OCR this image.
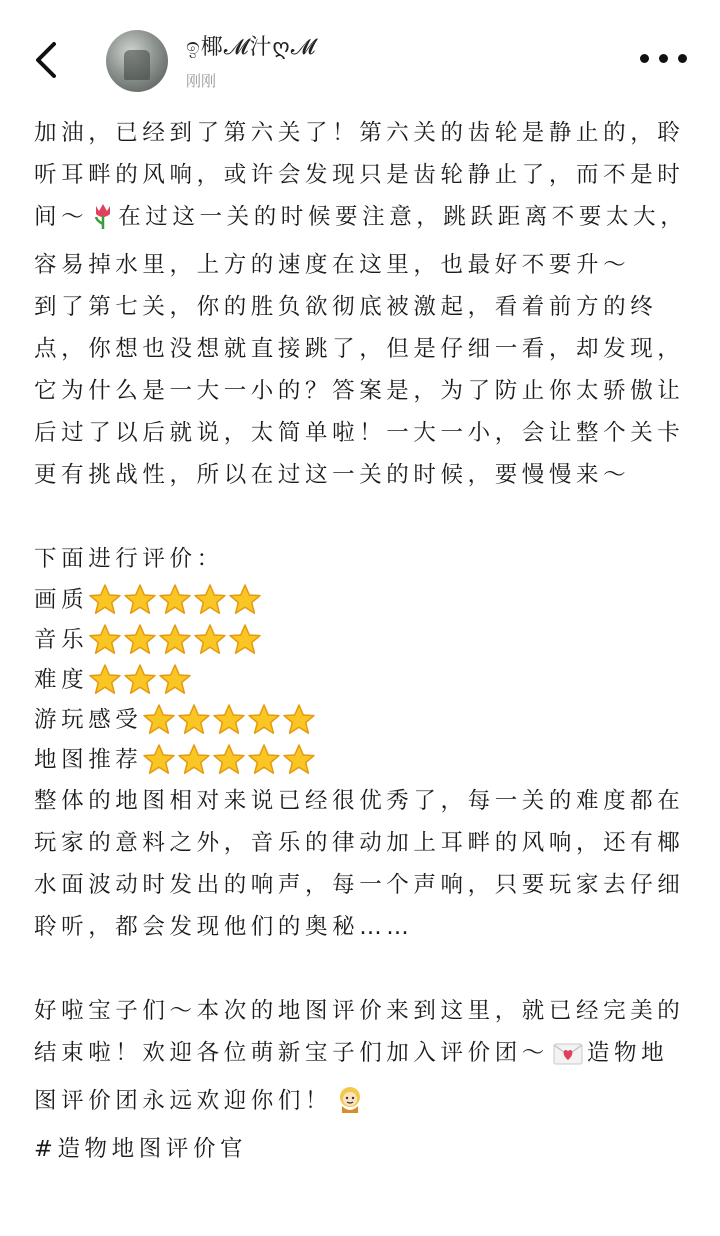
ඉ椰𝓜汁ღ𝓜
刚刚

加油，已经到了第六关了！第六关的齿轮是静止的，聆听耳畔的风响，或许会发现只是齿轮静止了，而不是时间～ 在过这一关的时候要注意，跳跃距离不要太大，容易掉水里，上方的速度在这里，也最好不要升～

到了第七关，你的胜负欲彻底被激起，看着前方的终点，你想也没想就直接跳了，但是仔细一看，却发现，它为什么是一大一小的？答案是，为了防止你太骄傲让后过了以后就说，太简单啦！一大一小，会让整个关卡更有挑战性，所以在过这一关的时候，要慢慢来～

下面进行评价：

画质
音乐
难度
游玩感受
地图推荐

整体的地图相对来说已经很优秀了，每一关的难度都在玩家的意料之外，音乐的律动加上耳畔的风响，还有椰水面波动时发出的响声，每一个声响，只要玩家去仔细聆听，都会发现他们的奥秘……

好啦宝子们～本次的地图评价来到这里，就已经完美的结束啦！欢迎各位萌新宝子们加入评价团～ 造物地图评价团永远欢迎你们！

#造物地图评价官
